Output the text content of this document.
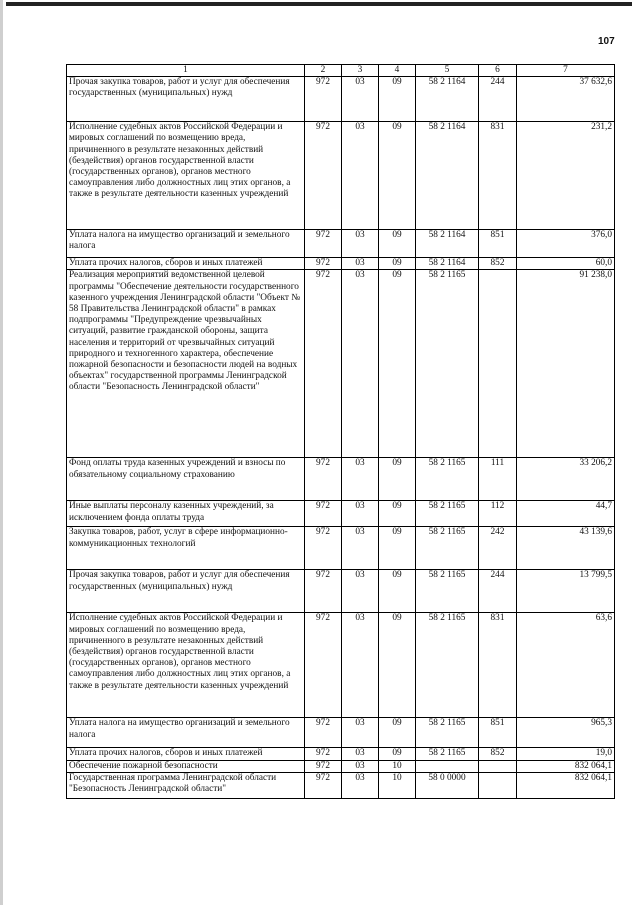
107
1	2	3	4	5	6	7
Прочая закупка товаров, работ и услуг для обеспечения государственных (муниципальных) нужд	972	03	09	58 2 1164	244	37 632,6
Исполнение судебных актов Российской Федерации и мировых соглашений по возмещению вреда, причиненного в результате незаконных действий (бездействия) органов государственной власти (государственных органов), органов местного самоуправления либо должностных лиц этих органов, а также в результате деятельности казенных учреждений	972	03	09	58 2 1164	831	231,2
Уплата налога на имущество организаций и земельного налога	972	03	09	58 2 1164	851	376,0
Уплата прочих налогов, сборов и иных платежей	972	03	09	58 2 1164	852	60,0
Реализация мероприятий ведомственной целевой программы "Обеспечение деятельности государственного казенного учреждения Ленинградской области "Объект № 58 Правительства Ленинградской области" в рамках подпрограммы "Предупреждение чрезвычайных ситуаций, развитие гражданской обороны, защита населения и территорий от чрезвычайных ситуаций природного и техногенного характера, обеспечение пожарной безопасности и безопасности людей на водных объектах" государственной программы Ленинградской области "Безопасность Ленинградской области"	972	03	09	58 2 1165		91 238,0
Фонд оплаты труда казенных учреждений и взносы по обязательному социальному страхованию	972	03	09	58 2 1165	111	33 206,2
Иные выплаты персоналу казенных учреждений, за исключением фонда оплаты труда	972	03	09	58 2 1165	112	44,7
Закупка товаров, работ, услуг в сфере информационно-коммуникационных технологий	972	03	09	58 2 1165	242	43 139,6
Прочая закупка товаров, работ и услуг для обеспечения государственных (муниципальных) нужд	972	03	09	58 2 1165	244	13 799,5
Исполнение судебных актов Российской Федерации и мировых соглашений по возмещению вреда, причиненного в результате незаконных действий (бездействия) органов государственной власти (государственных органов), органов местного самоуправления либо должностных лиц этих органов, а также в результате деятельности казенных учреждений	972	03	09	58 2 1165	831	63,6
Уплата налога на имущество организаций и земельного налога	972	03	09	58 2 1165	851	965,3
Уплата прочих налогов, сборов и иных платежей	972	03	09	58 2 1165	852	19,0
Обеспечение пожарной безопасности	972	03	10			832 064,1
Государственная программа Ленинградской области "Безопасность Ленинградской области"	972	03	10	58 0 0000		832 064,1
